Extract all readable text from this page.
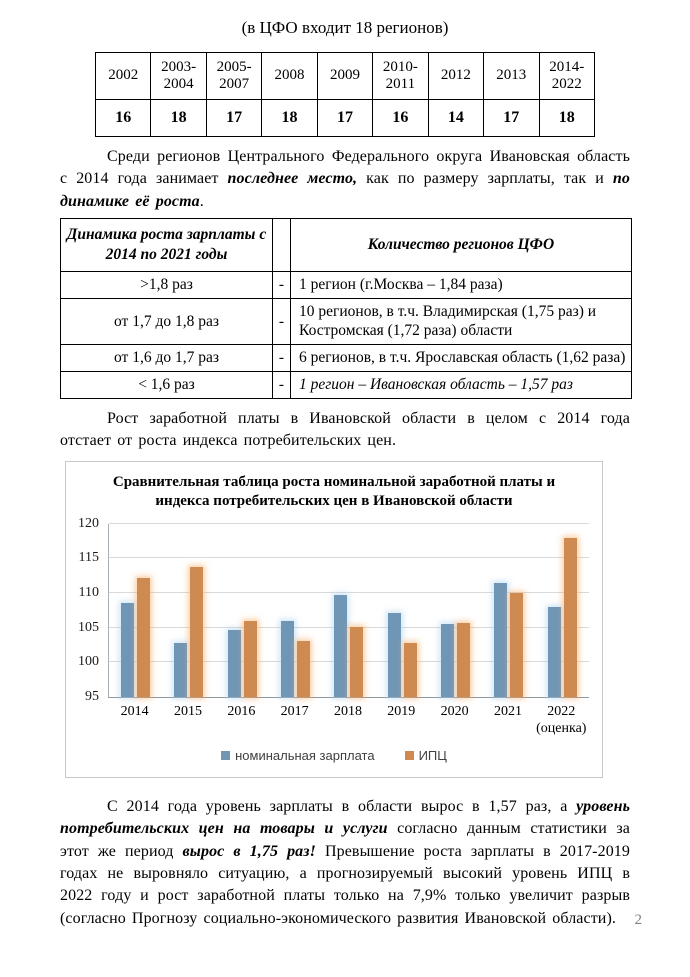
(в ЦФО входит 18 регионов)
2002	2003-2004	2005-2007	2008	2009	2010-2011	2012	2013	2014-2022
16	18	17	18	17	16	14	17	18

Среди регионов Центрального Федерального округа Ивановская область с 2014 года занимает последнее место, как по размеру зарплаты, так и по динамике её роста.

Динамика роста зарплаты с 2014 по 2021 годы		Количество регионов ЦФО
>1,8 раз	-	1 регион (г.Москва – 1,84 раза)
от 1,7 до 1,8 раз	-	10 регионов, в т.ч. Владимирская (1,75 раз) и Костромская (1,72 раза) области
от 1,6 до 1,7 раз	-	6 регионов, в т.ч. Ярославская область (1,62 раза)
< 1,6 раз	-	1 регион – Ивановская область – 1,57 раз

Рост заработной платы в Ивановской области в целом с 2014 года отстает от роста индекса потребительских цен.

Сравнительная таблица роста номинальной заработной платы и индекса потребительских цен в Ивановской области
95
100
105
110
115
120
2014	2015	2016	2017	2018	2019	2020	2021	2022
(оценка)
номинальная зарплата	ИПЦ

С 2014 года уровень зарплаты в области вырос в 1,57 раз, а уровень потребительских цен на товары и услуги согласно данным статистики за этот же период вырос в 1,75 раз! Превышение роста зарплаты в 2017-2019 годах не выровняло ситуацию, а прогнозируемый высокий уровень ИПЦ в 2022 году и рост заработной платы только на 7,9% только увеличит разрыв (согласно Прогнозу социально-экономического развития Ивановской области).	2
